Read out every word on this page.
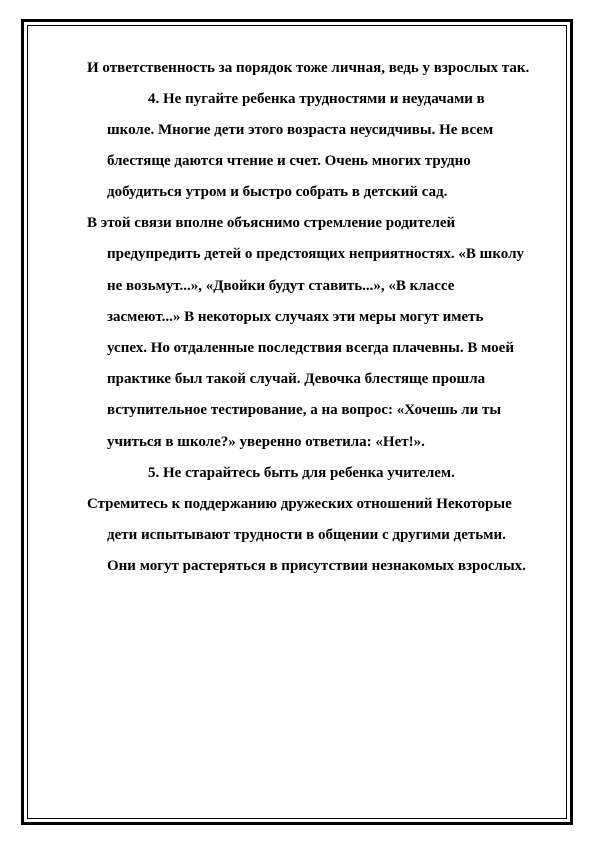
И ответственность за порядок тоже личная, ведь у взрослых так.
4. Не пугайте ребенка трудностями и неудачами в
школе. Многие дети этого возраста неусидчивы. Не всем
блестяще даются чтение и счет. Очень многих трудно
добудиться утром и быстро собрать в детский сад.
В этой связи вполне объяснимо стремление родителей
предупредить детей о предстоящих неприятностях. «В школу
не возьмут...», «Двойки будут ставить...», «В классе
засмеют...» В некоторых случаях эти меры могут иметь
успех. Но отдаленные последствия всегда плачевны. В моей
практике был такой случай. Девочка блестяще прошла
вступительное тестирование, а на вопрос: «Хочешь ли ты
учиться в школе?» уверенно ответила: «Нет!».
5. Не старайтесь быть для ребенка учителем.
Стремитесь к поддержанию дружеских отношений Некоторые
дети испытывают трудности в общении с другими детьми.
Они могут растеряться в присутствии незнакомых взрослых.
